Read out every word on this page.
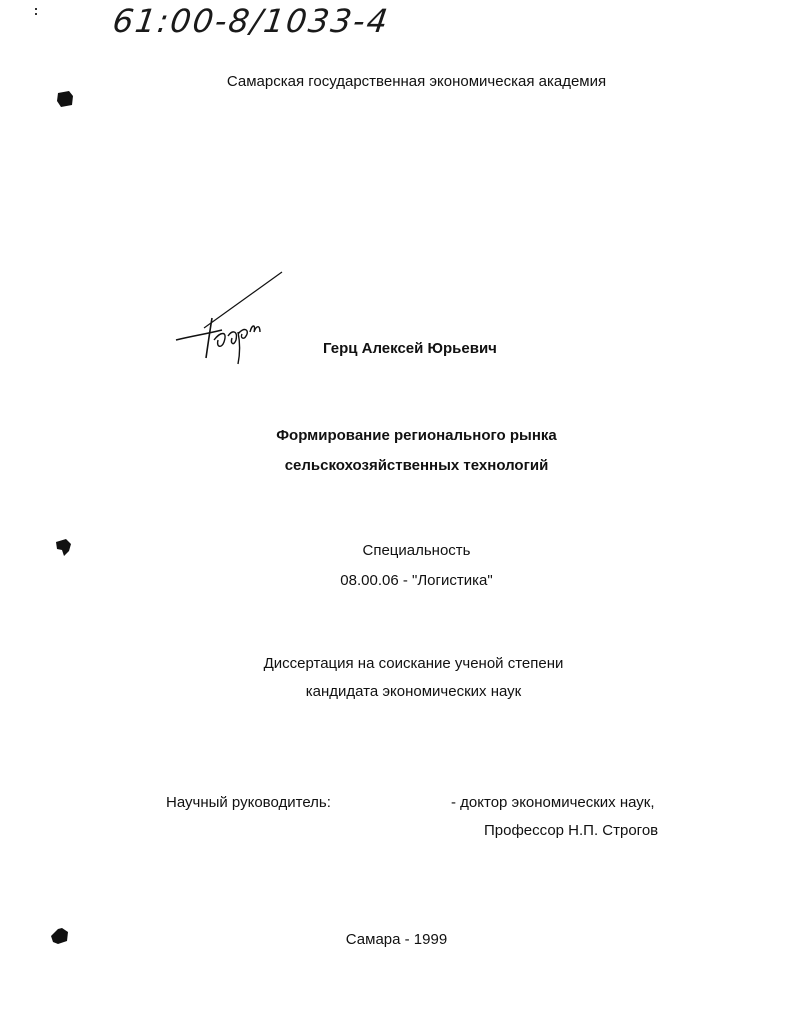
61:00-8/1033-4
Самарская государственная экономическая академия
Герц Алексей Юрьевич
Формирование регионального рынка
сельскохозяйственных технологий
Специальность
08.00.06 - "Логистика"
Диссертация на соискание ученой степени
кандидата экономических наук
Научный руководитель:	- доктор экономических наук,
Профессор Н.П. Строгов
Самара - 1999
